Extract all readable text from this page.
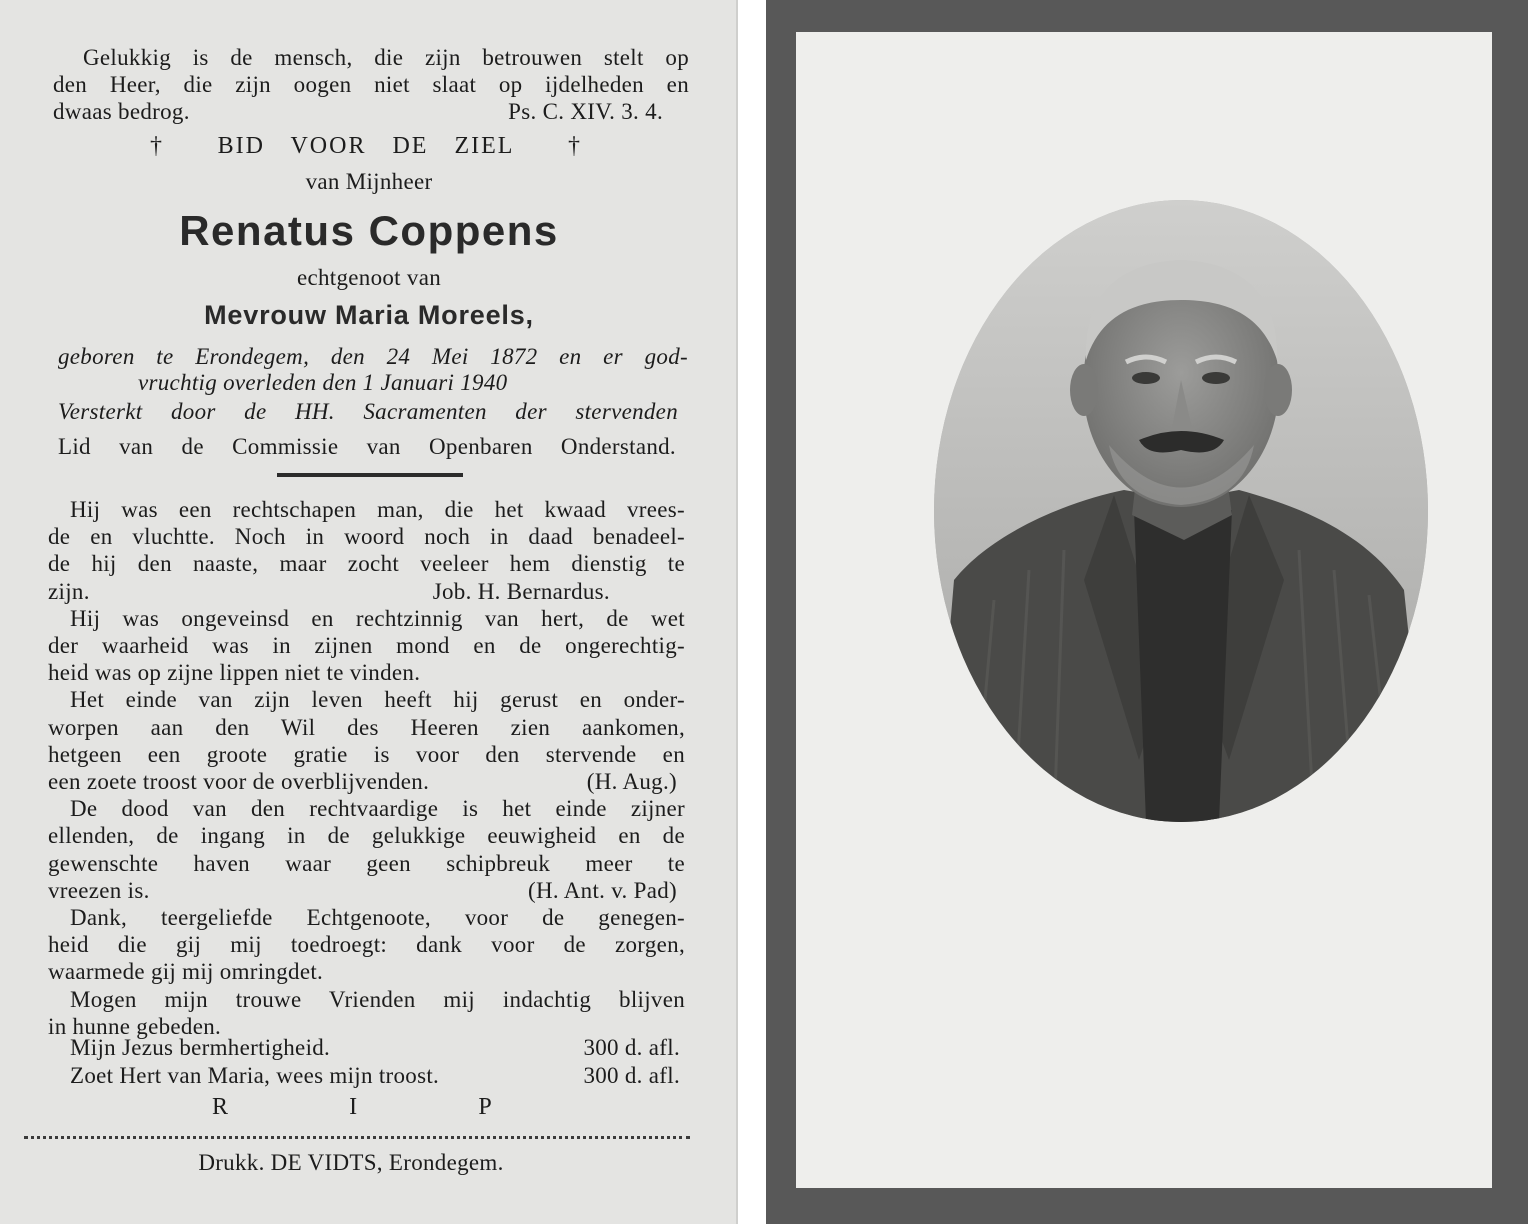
Gelukkig is de mensch, die zijn betrouwen stelt op
den Heer, die zijn oogen niet slaat op ijdelheden en
dwaas bedrog.	Ps. C. XIV. 3. 4.
† BID VOOR DE ZIEL †
van Mijnheer
Renatus Coppens
echtgenoot van
Mevrouw Maria Moreels,
geboren te Erondegem, den 24 Mei 1872 en er god-
vruchtig overleden den 1 Januari 1940
Versterkt door de HH. Sacramenten der stervenden
Lid van de Commissie van Openbaren Onderstand.
Hij was een rechtschapen man, die het kwaad vrees-
de en vluchtte. Noch in woord noch in daad benadeel-
de hij den naaste, maar zocht veeleer hem dienstig te
zijn.	Job. H. Bernardus.
Hij was ongeveinsd en rechtzinnig van hert, de wet
der waarheid was in zijnen mond en de ongerechtig-
heid was op zijne lippen niet te vinden.
Het einde van zijn leven heeft hij gerust en onder-
worpen aan den Wil des Heeren zien aankomen,
hetgeen een groote gratie is voor den stervende en
een zoete troost voor de overblijvenden.	(H. Aug.)
De dood van den rechtvaardige is het einde zijner
ellenden, de ingang in de gelukkige eeuwigheid en de
gewenschte haven waar geen schipbreuk meer te
vreezen is.	(H. Ant. v. Pad)
Dank, teergeliefde Echtgenoote, voor de genegen-
heid die gij mij toedroegt: dank voor de zorgen,
waarmede gij mij omringdet.
Mogen mijn trouwe Vrienden mij indachtig blijven
in hunne gebeden.
Mijn Jezus bermhertigheid.	300 d. afl.
Zoet Hert van Maria, wees mijn troost.	300 d. afl.
R	I	P
Drukk. DE VIDTS, Erondegem.
